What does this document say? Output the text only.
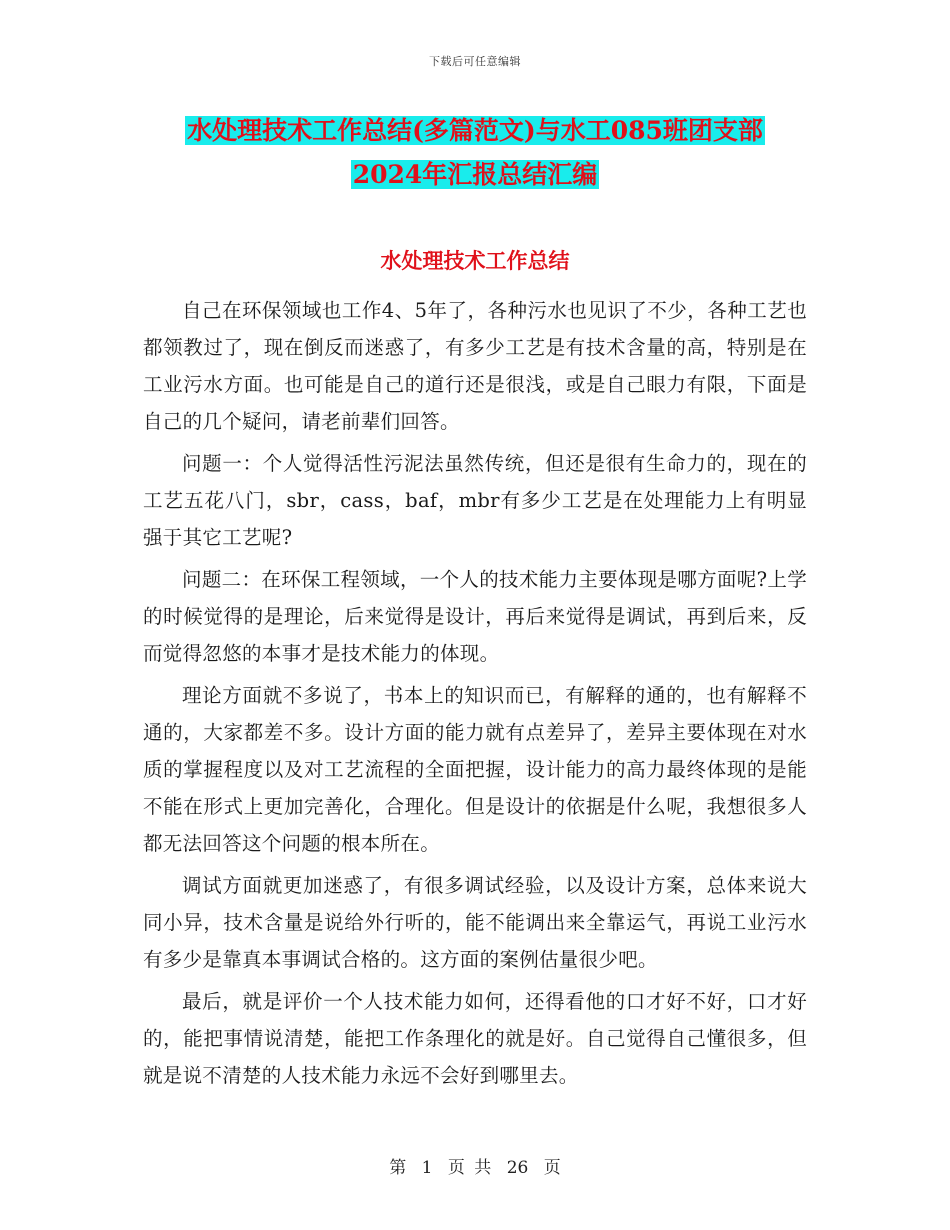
下载后可任意编辑
水处理技术工作总结(多篇范文)与水工085班团支部
2024年汇报总结汇编
水处理技术工作总结

自己在环保领域也工作4、5年了，各种污水也见识了不少，各种工艺也都领教过了，现在倒反而迷惑了，有多少工艺是有技术含量的高，特别是在工业污水方面。也可能是自己的道行还是很浅，或是自己眼力有限，下面是自己的几个疑问，请老前辈们回答。

问题一：个人觉得活性污泥法虽然传统，但还是很有生命力的，现在的工艺五花八门，sbr，cass，baf，mbr有多少工艺是在处理能力上有明显强于其它工艺呢?

问题二：在环保工程领域，一个人的技术能力主要体现是哪方面呢?上学的时候觉得的是理论，后来觉得是设计，再后来觉得是调试，再到后来，反而觉得忽悠的本事才是技术能力的体现。

理论方面就不多说了，书本上的知识而已，有解释的通的，也有解释不通的，大家都差不多。设计方面的能力就有点差异了，差异主要体现在对水质的掌握程度以及对工艺流程的全面把握，设计能力的高力最终体现的是能不能在形式上更加完善化，合理化。但是设计的依据是什么呢，我想很多人都无法回答这个问题的根本所在。

调试方面就更加迷惑了，有很多调试经验，以及设计方案，总体来说大同小异，技术含量是说给外行听的，能不能调出来全靠运气，再说工业污水有多少是靠真本事调试合格的。这方面的案例估量很少吧。

最后，就是评价一个人技术能力如何，还得看他的口才好不好，口才好的，能把事情说清楚，能把工作条理化的就是好。自己觉得自己懂很多，但就是说不清楚的人技术能力永远不会好到哪里去。

第 1 页 共 26 页
